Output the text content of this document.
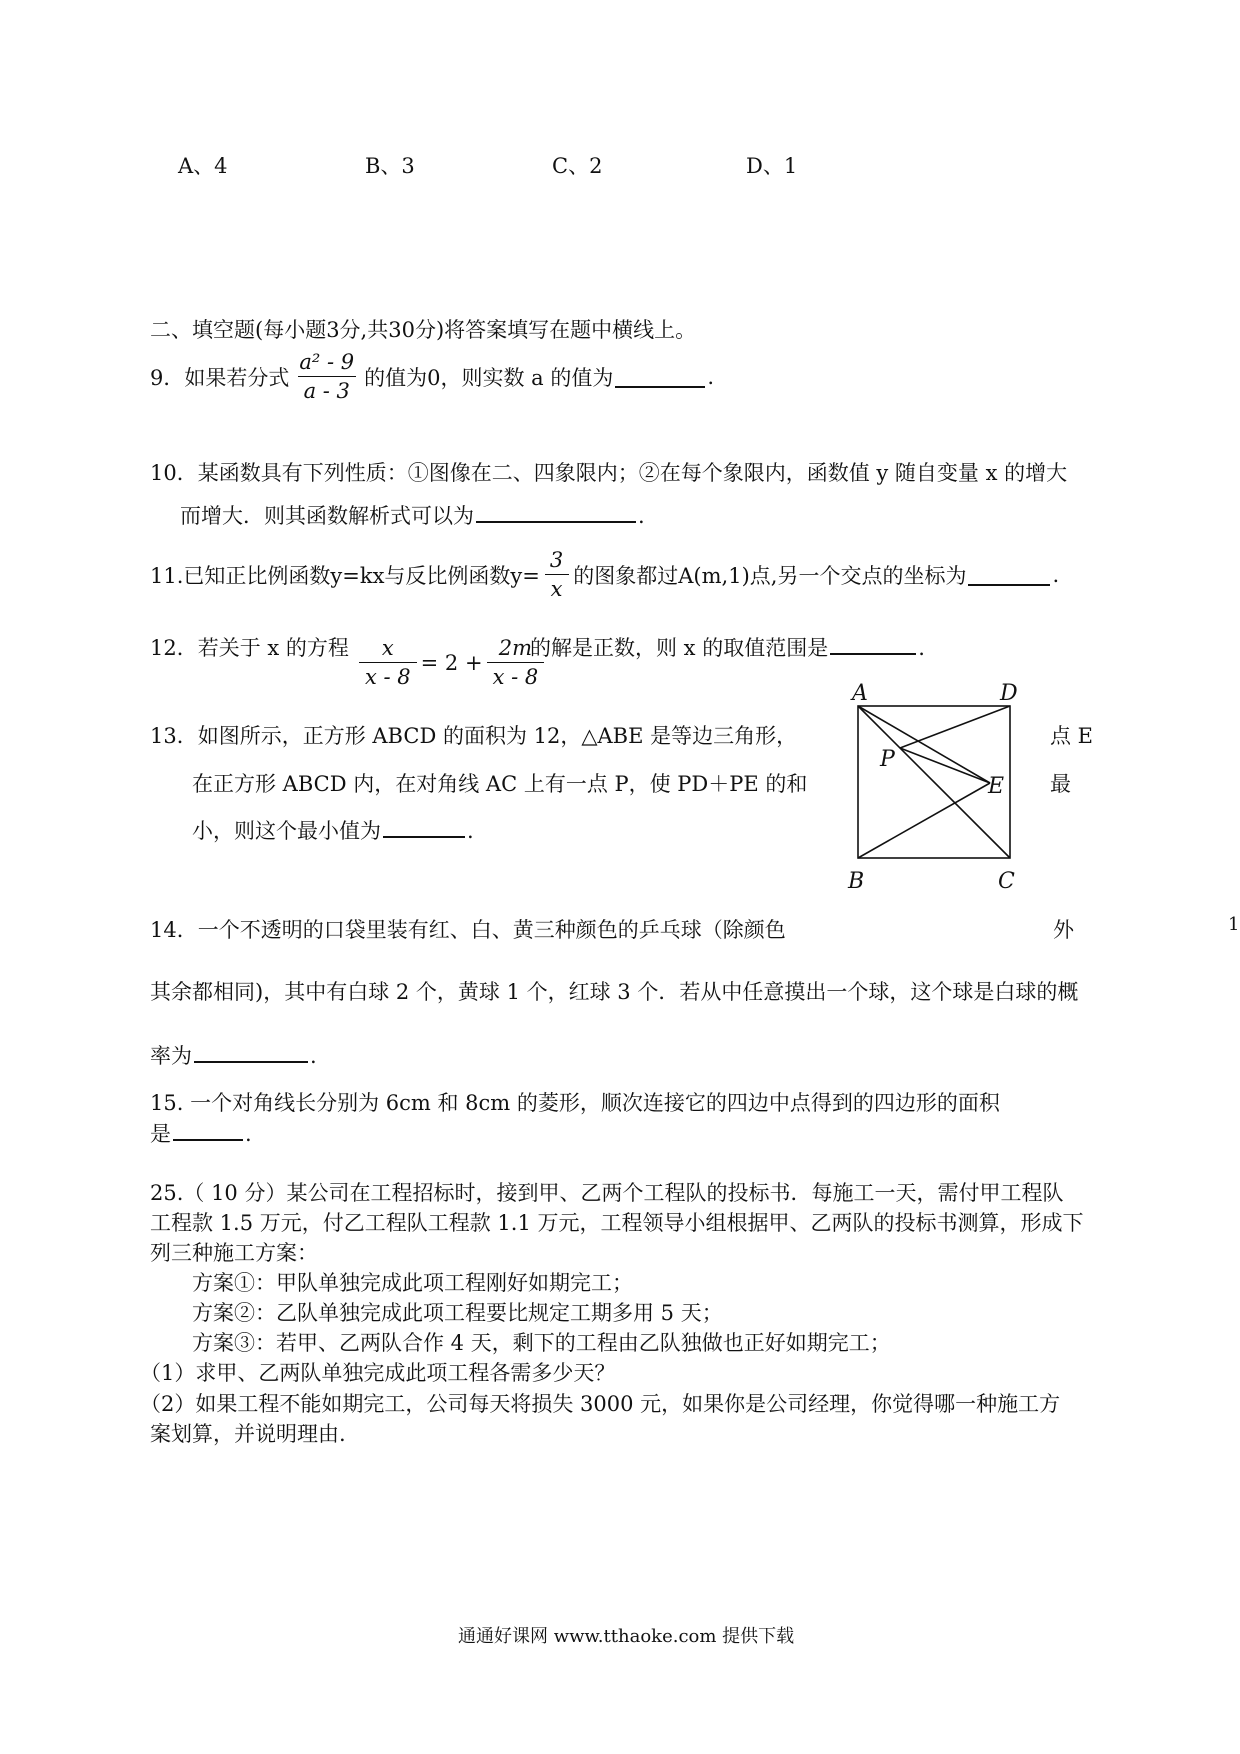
A、4	B、3	C、2	D、1
二、填空题(每小题3分,共30分)将答案填写在题中横线上。
9．如果若分式 $\frac{\text{a² - 9}}{a - 3}$ 的值为0，则实数 a 的值为	.
10．某函数具有下列性质：①图像在二、四象限内；②在每个象限内，函数值 y 随自变量 x 的增大
而增大．则其函数解析式可以为	.
11.已知正比例函数y=kx与反比例函数$y= \frac{3}{x}$ 的图象都过A(m,1)点,另一个交点的坐标为	.
12．若关于 x 的方程 $\frac{x}{x - 8} = 2 + \frac{2m}{x - 8}$
的解是正数，则 x 的取值范围是	.
13．如图所示，正方形 ABCD 的面积为 12，△ABE 是等边三角形，	点 E
在正方形 ABCD 内，在对角线 AC 上有一点 P，使 PD＋PE 的和	最
小，则这个最小值为	.
A	D
P
E
B	C
14．一个不透明的口袋里装有红、白、黄三种颜色的乒乓球（除颜色	外	1
其余都相同)，其中有白球 2 个，黄球 1 个，红球 3 个．若从中任意摸出一个球，这个球是白球的概
率为	.
15. 一个对角线长分别为 6cm 和 8cm 的菱形，顺次连接它的四边中点得到的四边形的面积
是	.
25.（ 10 分）某公司在工程招标时，接到甲、乙两个工程队的投标书．每施工一天，需付甲工程队
工程款 1.5 万元，付乙工程队工程款 1.1 万元，工程领导小组根据甲、乙两队的投标书测算，形成下
列三种施工方案：
方案①：甲队单独完成此项工程刚好如期完工；
方案②：乙队单独完成此项工程要比规定工期多用 5 天；
方案③：若甲、乙两队合作 4 天，剩下的工程由乙队独做也正好如期完工；
（1）求甲、乙两队单独完成此项工程各需多少天？
（2）如果工程不能如期完工，公司每天将损失 3000 元，如果你是公司经理，你觉得哪一种施工方
案划算，并说明理由.
通通好课网 www.tthaoke.com 提供下载
